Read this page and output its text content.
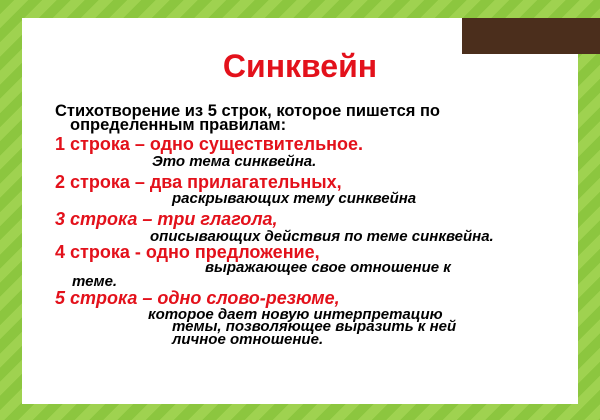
Синквейн
Стихотворение из 5 строк, которое пишется по
определенным правилам:
1 строка – одно существительное.
Это тема синквейна.
2 строка – два прилагательных,
раскрывающих тему синквейна
3 строка – три глагола,
описывающих действия по теме синквейна.
4 строка - одно предложение,
выражающее свое отношение к
теме.
5 строка – одно слово-резюме,
которое дает новую интерпретацию
темы, позволяющее выразить к ней
личное отношение.
